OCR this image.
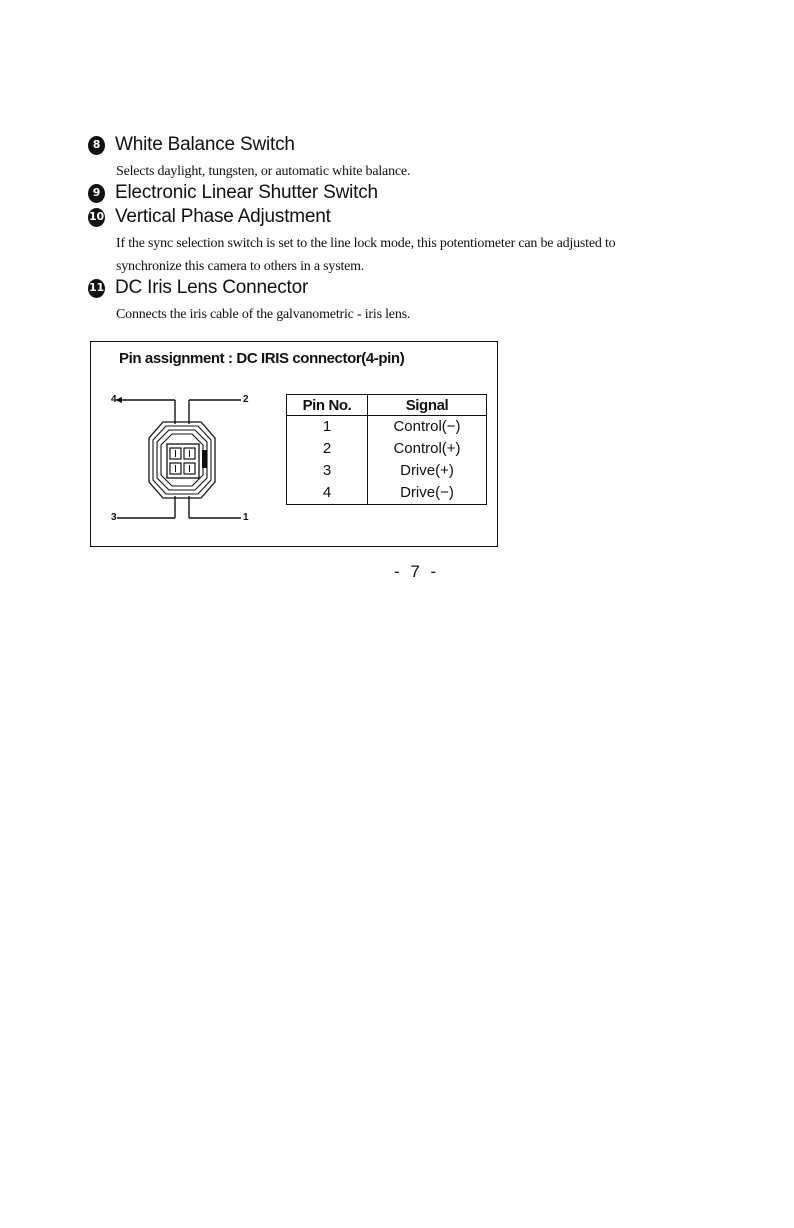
8 White Balance Switch
Selects daylight, tungsten, or automatic white balance.
9 Electronic Linear Shutter Switch
10 Vertical Phase Adjustment
If the sync selection switch is set to the line lock mode, this potentiometer can be adjusted to synchronize this camera to others in a system.
11 DC Iris Lens Connector
Connects the iris cable of the galvanometric - iris lens.
Pin assignment : DC IRIS connector(4-pin)
4	2
3	1
Pin No.	Signal
1	Control(−)
2	Control(+)
3	Drive(+)
4	Drive(−)
- 7 -
